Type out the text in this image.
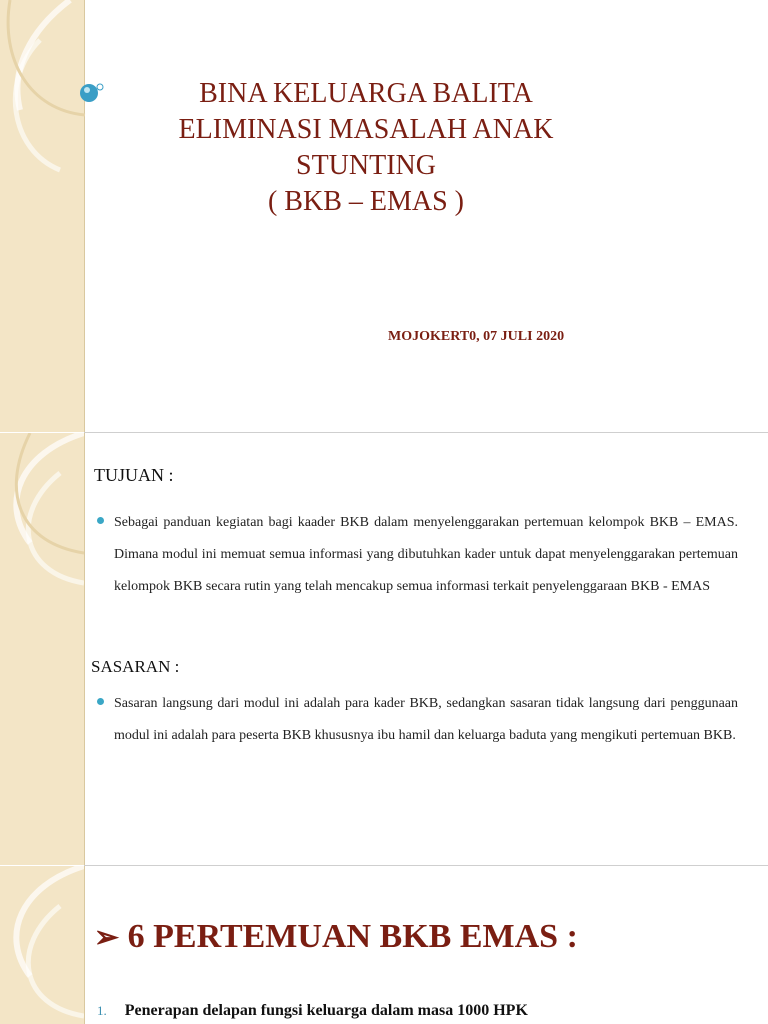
BINA KELUARGA BALITA
ELIMINASI MASALAH ANAK
STUNTING
( BKB – EMAS )
MOJOKERT0, 07 JULI 2020
TUJUAN :
Sebagai panduan kegiatan bagi kaader BKB dalam menyelenggarakan pertemuan kelompok BKB – EMAS. Dimana modul ini memuat semua informasi yang dibutuhkan kader untuk dapat menyelenggarakan pertemuan kelompok BKB secara rutin yang telah mencakup semua informasi terkait penyelenggaraan BKB - EMAS
SASARAN :
Sasaran langsung dari modul ini adalah para kader BKB, sedangkan sasaran tidak langsung dari penggunaan modul ini adalah para peserta BKB khususnya ibu hamil dan keluarga baduta yang mengikuti pertemuan BKB.
➢ 6 PERTEMUAN BKB EMAS :
1. Penerapan delapan fungsi keluarga dalam masa 1000 HPK
